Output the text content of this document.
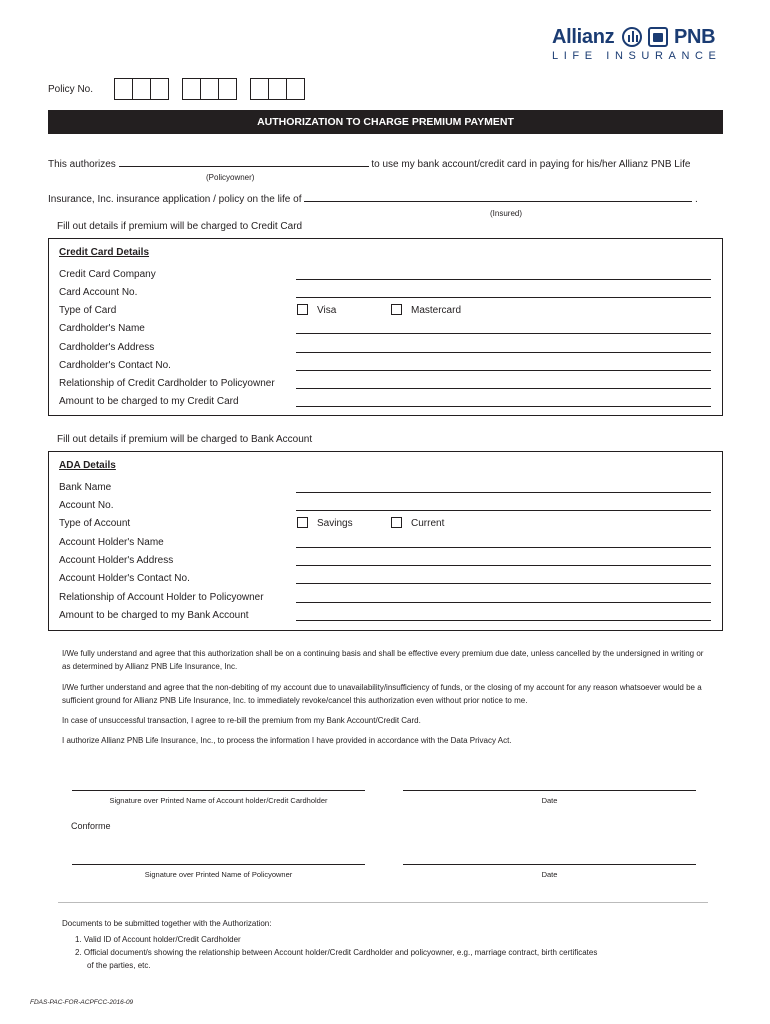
Allianz	PNB
LIFE INSURANCE
Policy No.
AUTHORIZATION TO CHARGE PREMIUM PAYMENT
This authorizes	to use my bank account/credit card in paying for his/her Allianz PNB Life
(Policyowner)
Insurance, Inc. insurance application / policy on the life of	.
(Insured)
Fill out details if premium will be charged to Credit Card
Credit Card Details
Credit Card Company
Card Account No.
Type of Card	Visa	Mastercard
Cardholder's Name
Cardholder's Address
Cardholder's Contact No.
Relationship of Credit Cardholder to Policyowner
Amount to be charged to my Credit Card
Fill out details if premium will be charged to Bank Account
ADA Details
Bank Name
Account No.
Type of Account	Savings	Current
Account Holder's Name
Account Holder's Address
Account Holder's Contact No.
Relationship of Account Holder to Policyowner
Amount to be charged to my Bank Account
I/We fully understand and agree that this authorization shall be on a continuing basis and shall be effective every premium due date, unless cancelled by the undersigned in writing or as determined by Allianz PNB Life Insurance, Inc.
I/We further understand and agree that the non-debiting of my account due to unavailability/insufficiency of funds, or the closing of my account for any reason whatsoever would be a sufficient ground for Allianz PNB Life Insurance, Inc. to immediately revoke/cancel this authorization even without prior notice to me.
In case of unsuccessful transaction, I agree to re-bill the premium from my Bank Account/Credit Card.
I authorize Allianz PNB Life Insurance, Inc., to process the information I have provided in accordance with the Data Privacy Act.
Signature over Printed Name of Account holder/Credit Cardholder	Date
Conforme
Signature over Printed Name of Policyowner	Date
Documents to be submitted together with the Authorization:
1. Valid ID of Account holder/Credit Cardholder
2. Official document/s showing the relationship between Account holder/Credit Cardholder and policyowner, e.g., marriage contract, birth certificates
of the parties, etc.
FDAS-PAC-FOR-ACPFCC-2016-09
